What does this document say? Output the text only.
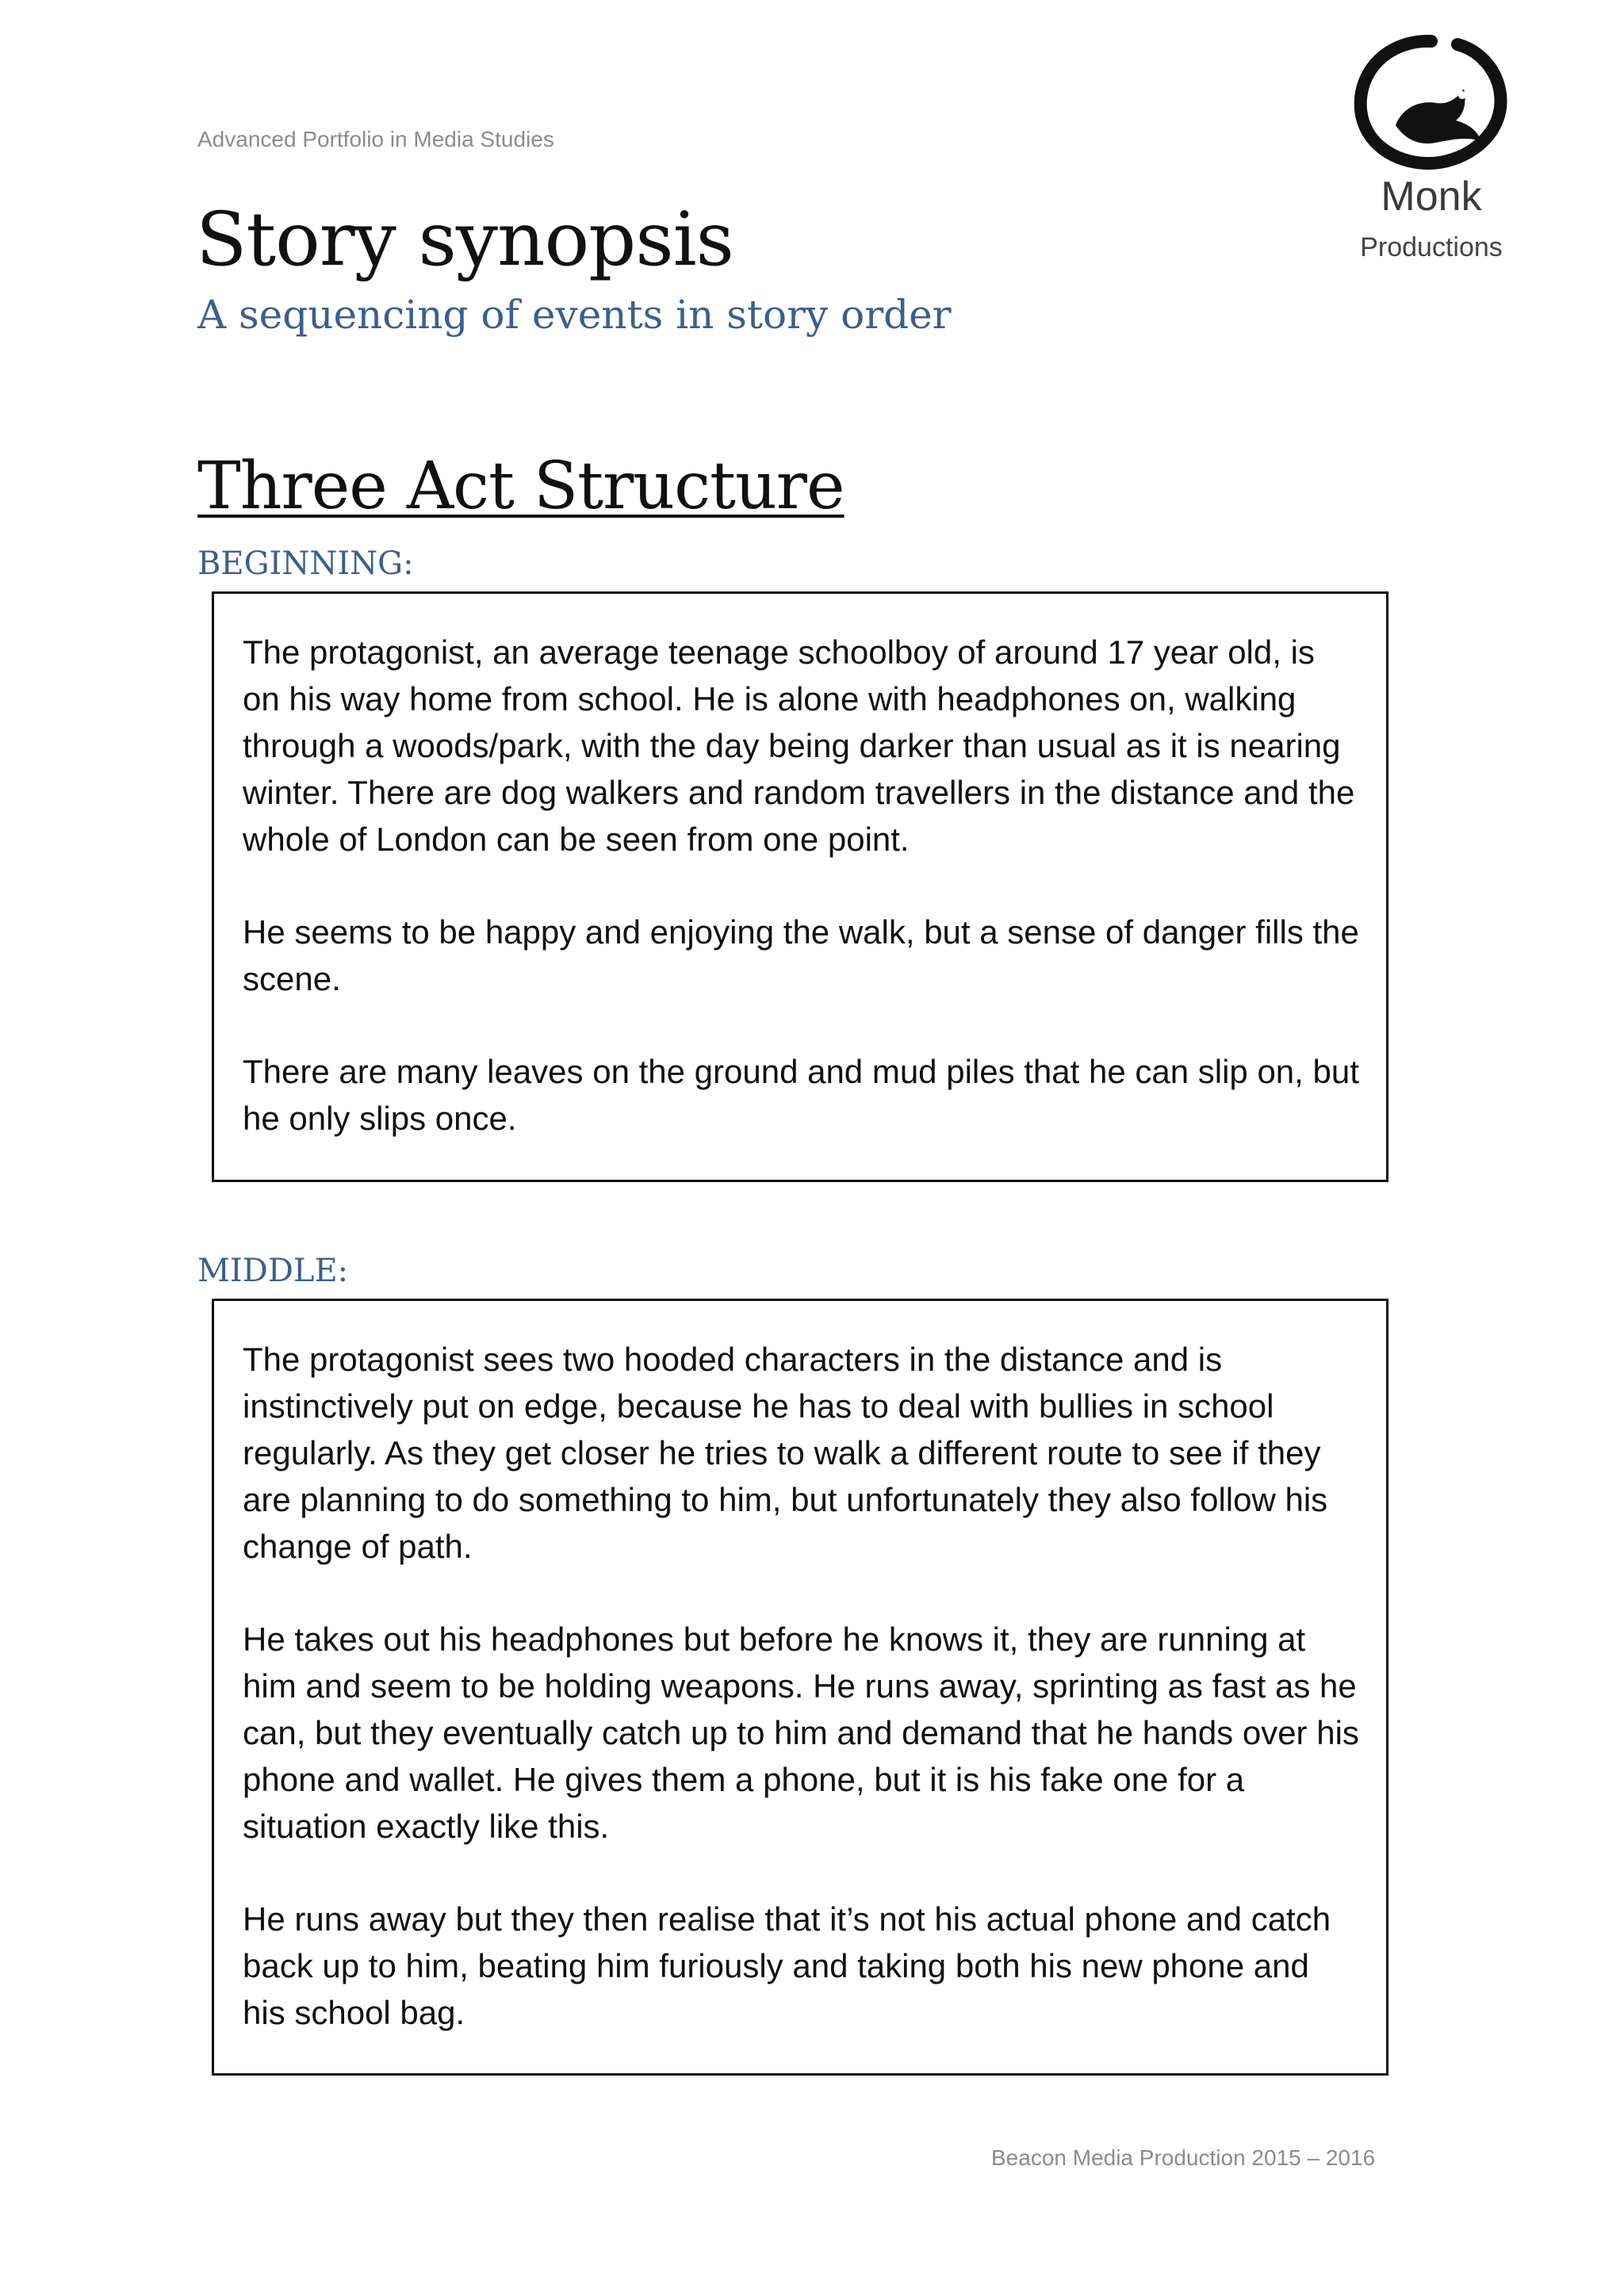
Advanced Portfolio in Media Studies
Story synopsis
A sequencing of events in story order
Monk
Productions
Three Act Structure
BEGINNING:

The protagonist, an average teenage schoolboy of around 17 year old, is on his way home from school. He is alone with headphones on, walking through a woods/park, with the day being darker than usual as it is nearing winter. There are dog walkers and random travellers in the distance and the whole of London can be seen from one point.

He seems to be happy and enjoying the walk, but a sense of danger fills the scene.

There are many leaves on the ground and mud piles that he can slip on, but he only slips once.

MIDDLE:

The protagonist sees two hooded characters in the distance and is instinctively put on edge, because he has to deal with bullies in school regularly. As they get closer he tries to walk a different route to see if they are planning to do something to him, but unfortunately they also follow his change of path.

He takes out his headphones but before he knows it, they are running at him and seem to be holding weapons. He runs away, sprinting as fast as he can, but they eventually catch up to him and demand that he hands over his phone and wallet. He gives them a phone, but it is his fake one for a situation exactly like this.

He runs away but they then realise that it’s not his actual phone and catch back up to him, beating him furiously and taking both his new phone and his school bag.

Beacon Media Production 2015 – 2016
